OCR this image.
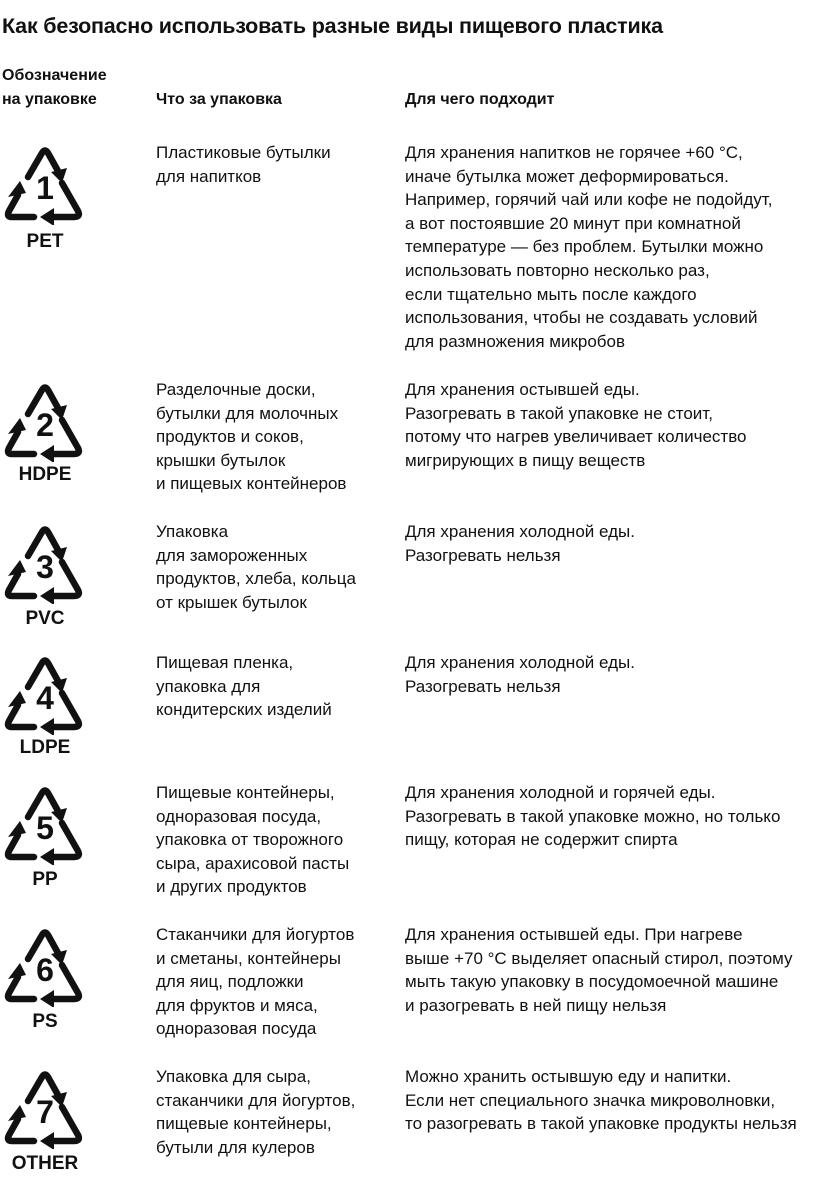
Как безопасно использовать разные виды пищевого пластика
Обозначение
на упаковке	Что за упаковка	Для чего подходит
1
PET
Пластиковые бутылки
для напитков
Для хранения напитков не горячее +60 °С,
иначе бутылка может деформироваться.
Например, горячий чай или кофе не подойдут,
а вот постоявшие 20 минут при комнатной
температуре — без проблем. Бутылки можно
использовать повторно несколько раз,
если тщательно мыть после каждого
использования, чтобы не создавать условий
для размножения микробов
2
HDPE
Разделочные доски,
бутылки для молочных
продуктов и соков,
крышки бутылок
и пищевых контейнеров
Для хранения остывшей еды.
Разогревать в такой упаковке не стоит,
потому что нагрев увеличивает количество
мигрирующих в пищу веществ
3
PVC
Упаковка
для замороженных
продуктов, хлеба, кольца
от крышек бутылок
Для хранения холодной еды.
Разогревать нельзя
4
LDPE
Пищевая пленка,
упаковка для
кондитерских изделий
Для хранения холодной еды.
Разогревать нельзя
5
PP
Пищевые контейнеры,
одноразовая посуда,
упаковка от творожного
сыра, арахисовой пасты
и других продуктов
Для хранения холодной и горячей еды.
Разогревать в такой упаковке можно, но только
пищу, которая не содержит спирта
6
PS
Стаканчики для йогуртов
и сметаны, контейнеры
для яиц, подложки
для фруктов и мяса,
одноразовая посуда
Для хранения остывшей еды. При нагреве
выше +70 °С выделяет опасный стирол, поэтому
мыть такую упаковку в посудомоечной машине
и разогревать в ней пищу нельзя
7
OTHER
Упаковка для сыра,
стаканчики для йогуртов,
пищевые контейнеры,
бутыли для кулеров
Можно хранить остывшую еду и напитки.
Если нет специального значка микроволновки,
то разогревать в такой упаковке продукты нельзя
